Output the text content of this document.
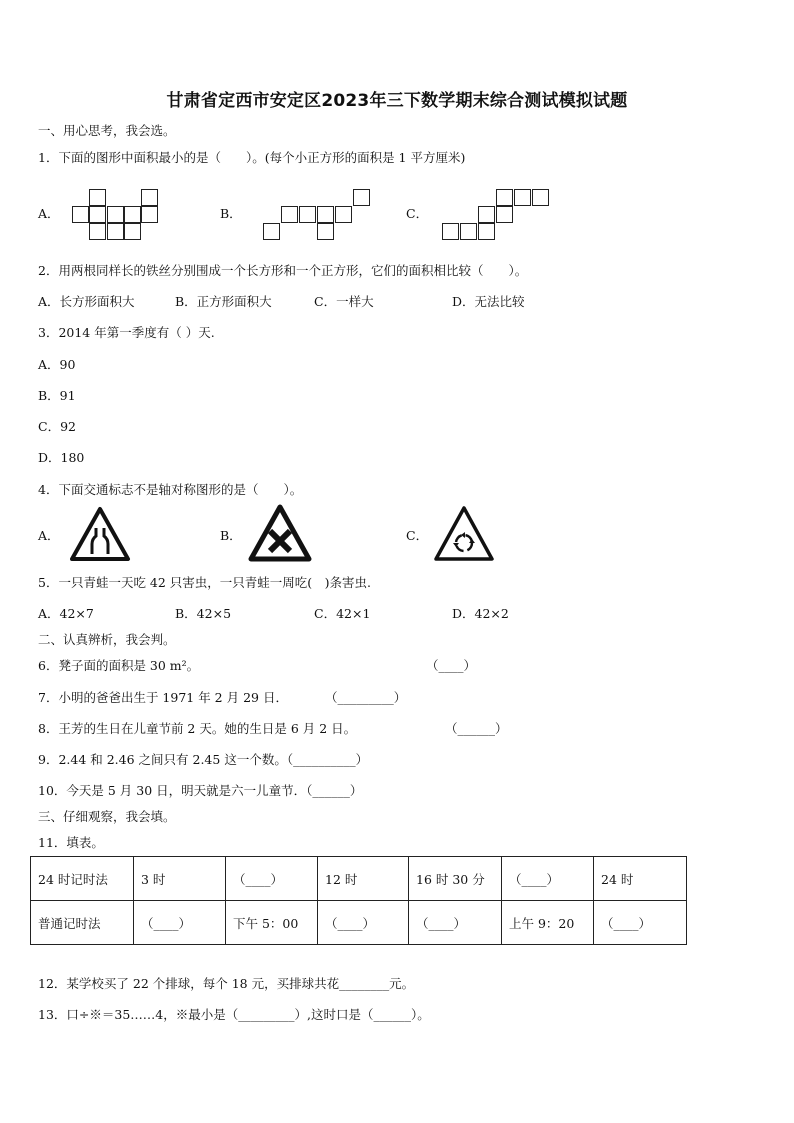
甘肃省定西市安定区2023年三下数学期末综合测试模拟试题
一、用心思考，我会选。
1．下面的图形中面积最小的是（　　）。(每个小正方形的面积是 1 平方厘米)
A．	B．	C．
2．用两根同样长的铁丝分别围成一个长方形和一个正方形，它们的面积相比较（　　）。
A．长方形面积大	B．正方形面积大	C．一样大	D．无法比较
3．2014 年第一季度有（ ）天.
A．90
B．91
C．92
D．180
4．下面交通标志不是轴对称图形的是（　　）。
A．	B．	C．
5．一只青蛙一天吃 42 只害虫，一只青蛙一周吃(　)条害虫.
A．42×7	B．42×5	C．42×1	D．42×2
二、认真辨析，我会判。
6．凳子面的面积是 30 m²。	（____）
7．小明的爸爸出生于 1971 年 2 月 29 日．	（_________）
8．王芳的生日在儿童节前 2 天。她的生日是 6 月 2 日。	（______）
9．2.44 和 2.46 之间只有 2.45 这一个数。（__________）
10．今天是 5 月 30 日，明天就是六一儿童节．（______）
三、仔细观察，我会填。
11．填表。
24 时记时法	3 时	（____）	12 时	16 时 30 分	（____）	24 时
普通记时法	（____）	下午 5：00	（____）	（____）	上午 9：20	（____）
12．某学校买了 22 个排球，每个 18 元，买排球共花________元。
13．口÷※＝35……4，※最小是（_________）,这时口是（______）。
